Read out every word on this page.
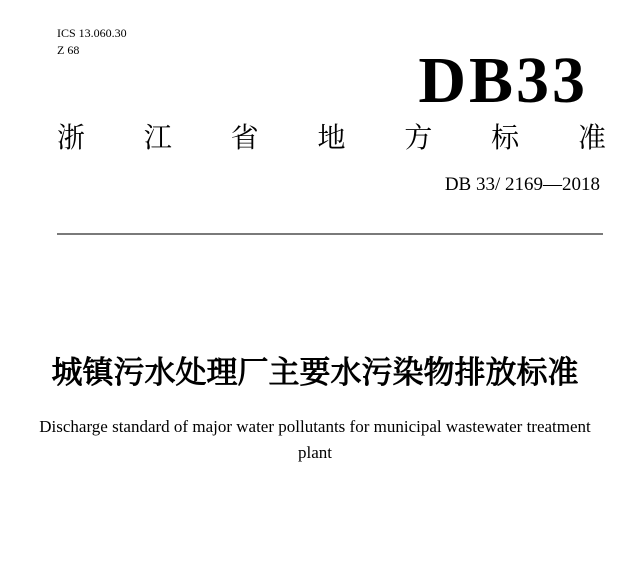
ICS 13.060.30
Z 68	DB33
浙 江 省 地 方 标 准
DB 33/ 2169—2018
城镇污水处理厂主要水污染物排放标准
Discharge standard of major water pollutants for municipal wastewater treatment
plant
